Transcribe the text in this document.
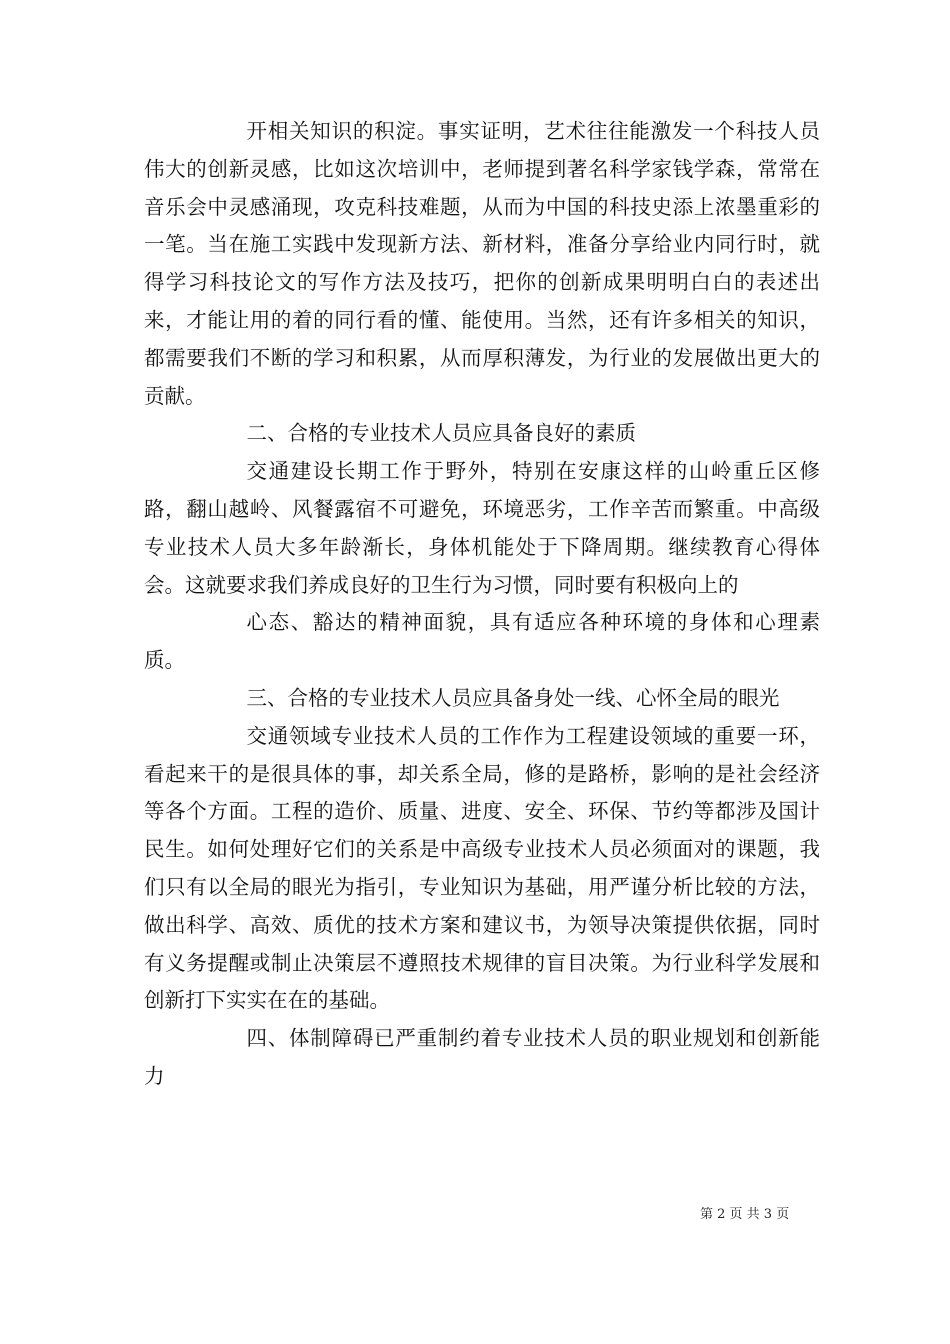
开相关知识的积淀。事实证明，艺术往往能激发一个科技人员伟大的创新灵感，比如这次培训中，老师提到著名科学家钱学森，常常在音乐会中灵感涌现，攻克科技难题，从而为中国的科技史添上浓墨重彩的一笔。当在施工实践中发现新方法、新材料，准备分享给业内同行时，就得学习科技论文的写作方法及技巧，把你的创新成果明明白白的表述出来，才能让用的着的同行看的懂、能使用。当然，还有许多相关的知识，都需要我们不断的学习和积累，从而厚积薄发，为行业的发展做出更大的贡献。

二、合格的专业技术人员应具备良好的素质

交通建设长期工作于野外，特别在安康这样的山岭重丘区修路，翻山越岭、风餐露宿不可避免，环境恶劣，工作辛苦而繁重。中高级专业技术人员大多年龄渐长，身体机能处于下降周期。继续教育心得体会。这就要求我们养成良好的卫生行为习惯，同时要有积极向上的

心态、豁达的精神面貌，具有适应各种环境的身体和心理素质。

三、合格的专业技术人员应具备身处一线、心怀全局的眼光

交通领域专业技术人员的工作作为工程建设领域的重要一环，看起来干的是很具体的事，却关系全局，修的是路桥，影响的是社会经济等各个方面。工程的造价、质量、进度、安全、环保、节约等都涉及国计民生。如何处理好它们的关系是中高级专业技术人员必须面对的课题，我们只有以全局的眼光为指引，专业知识为基础，用严谨分析比较的方法，做出科学、高效、质优的技术方案和建议书，为领导决策提供依据，同时有义务提醒或制止决策层不遵照技术规律的盲目决策。为行业科学发展和创新打下实实在在的基础。

四、体制障碍已严重制约着专业技术人员的职业规划和创新能力

第 2 页 共 3 页
